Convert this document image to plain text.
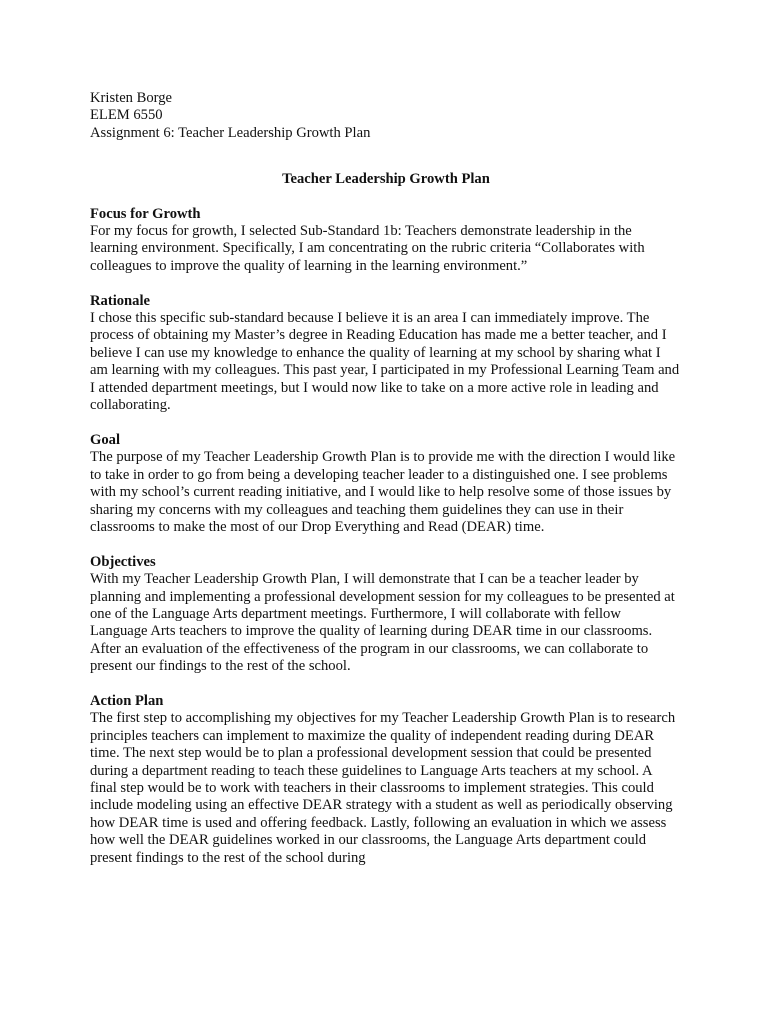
Kristen Borge
ELEM 6550
Assignment 6: Teacher Leadership Growth Plan
Teacher Leadership Growth Plan
Focus for Growth

For my focus for growth, I selected Sub-Standard 1b: Teachers demonstrate leadership in the learning environment. Specifically, I am concentrating on the rubric criteria “Collaborates with colleagues to improve the quality of learning in the learning environment.”

Rationale

I chose this specific sub-standard because I believe it is an area I can immediately improve. The process of obtaining my Master’s degree in Reading Education has made me a better teacher, and I believe I can use my knowledge to enhance the quality of learning at my school by sharing what I am learning with my colleagues. This past year, I participated in my Professional Learning Team and I attended department meetings, but I would now like to take on a more active role in leading and collaborating.

Goal

The purpose of my Teacher Leadership Growth Plan is to provide me with the direction I would like to take in order to go from being a developing teacher leader to a distinguished one. I see problems with my school’s current reading initiative, and I would like to help resolve some of those issues by sharing my concerns with my colleagues and teaching them guidelines they can use in their classrooms to make the most of our Drop Everything and Read (DEAR) time.

Objectives

With my Teacher Leadership Growth Plan, I will demonstrate that I can be a teacher leader by planning and implementing a professional development session for my colleagues to be presented at one of the Language Arts department meetings. Furthermore, I will collaborate with fellow Language Arts teachers to improve the quality of learning during DEAR time in our classrooms. After an evaluation of the effectiveness of the program in our classrooms, we can collaborate to present our findings to the rest of the school.

Action Plan

The first step to accomplishing my objectives for my Teacher Leadership Growth Plan is to research principles teachers can implement to maximize the quality of independent reading during DEAR time. The next step would be to plan a professional development session that could be presented during a department reading to teach these guidelines to Language Arts teachers at my school. A final step would be to work with teachers in their classrooms to implement strategies. This could include modeling using an effective DEAR strategy with a student as well as periodically observing how DEAR time is used and offering feedback. Lastly, following an evaluation in which we assess how well the DEAR guidelines worked in our classrooms, the Language Arts department could present findings to the rest of the school during
